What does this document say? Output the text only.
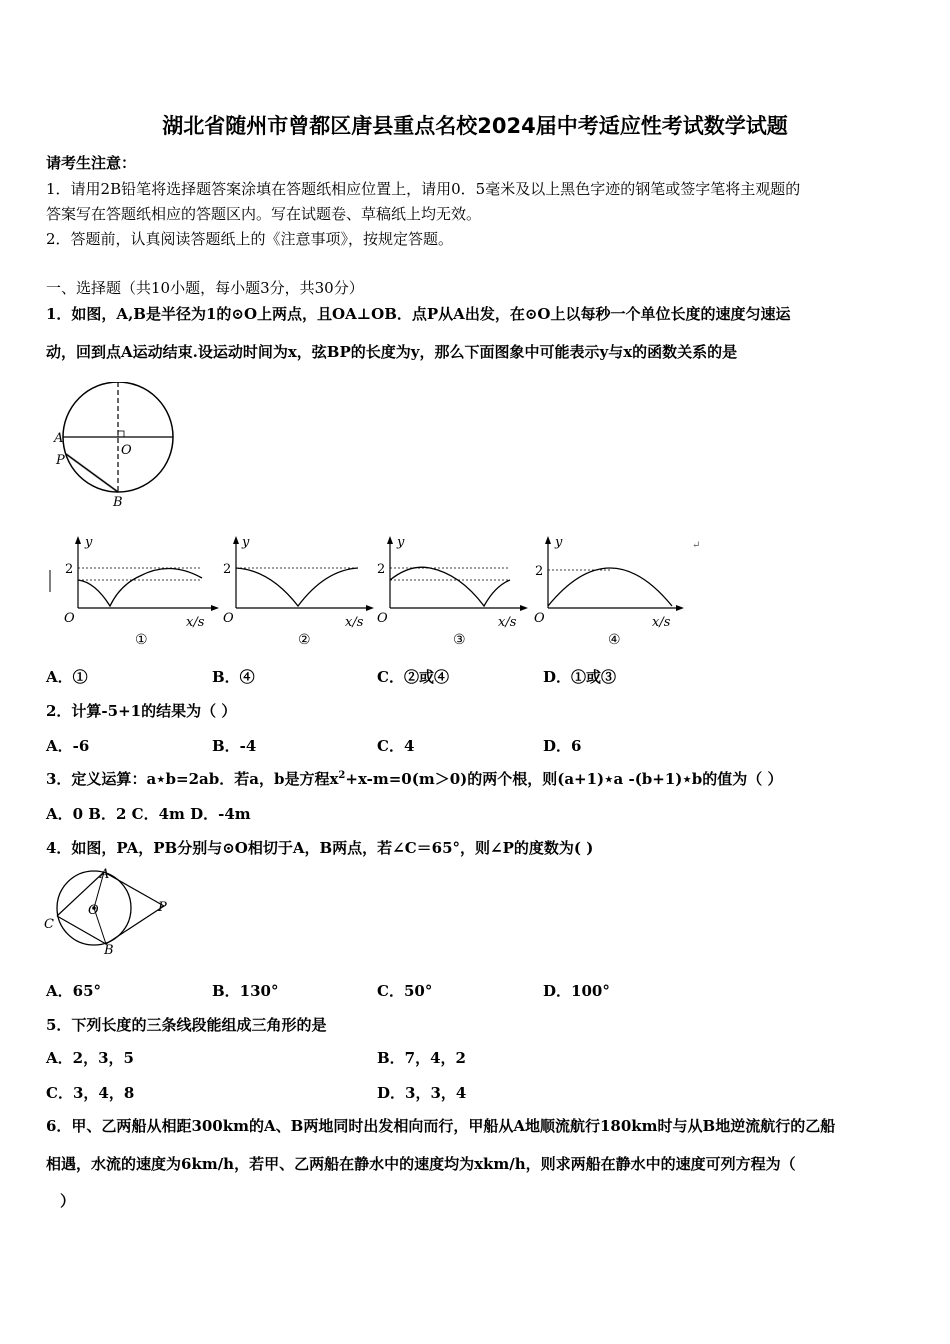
湖北省随州市曾都区唐县重点名校2024届中考适应性考试数学试题
请考生注意：
1．请用2B铅笔将选择题答案涂填在答题纸相应位置上，请用0．5毫米及以上黑色字迹的钢笔或签字笔将主观题的
答案写在答题纸相应的答题区内。写在试题卷、草稿纸上均无效。
2．答题前，认真阅读答题纸上的《注意事项》，按规定答题。
一、选择题（共10小题，每小题3分，共30分）
1．如图，A,B是半径为1的⊙O上两点，且OA⊥OB．点P从A出发，在⊙O上以每秒一个单位长度的速度匀速运
动，回到点A运动结束.设运动时间为x，弦BP的长度为y，那么下面图象中可能表示y与x的函数关系的是
A
P
O
B
↵
y
2
O	x/s
①
y
2
O	x/s
②
y
2
O	x/s
③
y
2
O	x/s
④
A．①	B．④	C．②或④	D．①或③
2．计算-5+1的结果为（ ）
A．-6	B．-4	C．4	D．6
3．定义运算：a⋆b=2ab．若a，b是方程$x^2+x-m=0(m>0)$的两个根，则(a+1)⋆a -(b+1)⋆b的值为（ ）
A．0 B．2 C．4m D．-4m
4．如图，PA，PB分别与⊙O相切于A，B两点，若∠C＝65°，则∠P的度数为( )
A
O	P
C
B
A．65°	B．130°	C．50°	D．100°
5．下列长度的三条线段能组成三角形的是
A．2，3，5	B．7，4，2
C．3，4，8	D．3，3，4
6．甲、乙两船从相距300km的A、B两地同时出发相向而行，甲船从A地顺流航行180km时与从B地逆流航行的乙船
相遇，水流的速度为6km/h，若甲、乙两船在静水中的速度均为xkm/h，则求两船在静水中的速度可列方程为（
）
